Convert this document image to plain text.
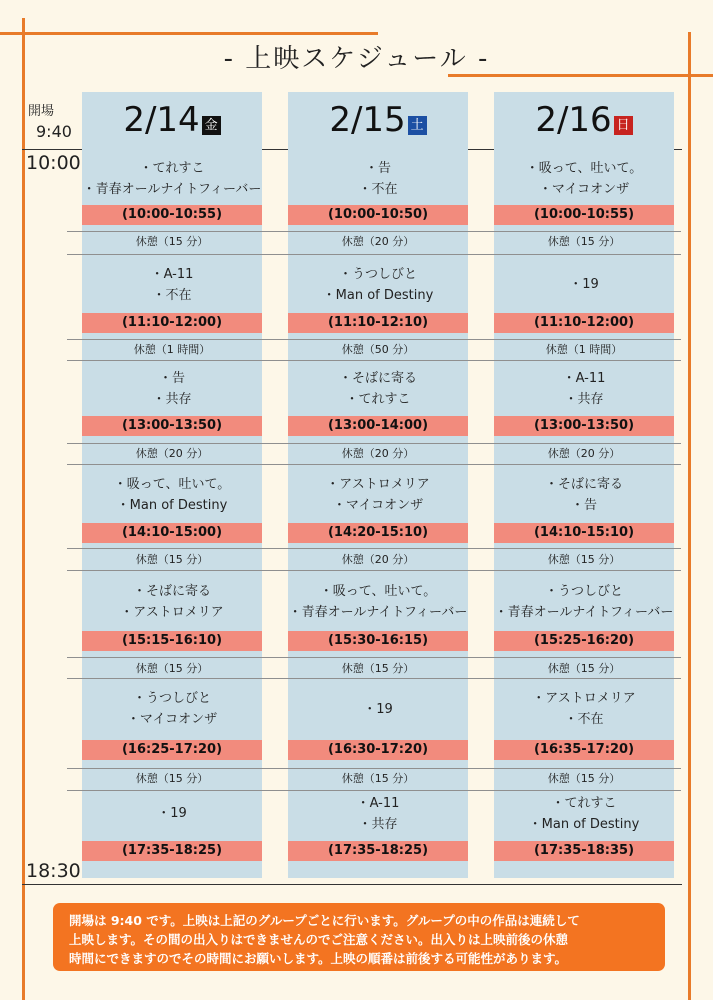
- 上映スケジュール -
開場
9:40
10:00
18:30
2/14 金
・てれすこ
・青春オールナイトフィーバー
(10:00-10:55)
・A-11
・不在
(11:10-12:00)
・告
・共存
(13:00-13:50)
・吸って、吐いて。
・Man of Destiny
(14:10-15:00)
・そばに寄る
・アストロメリア
(15:15-16:10)
・うつしびと
・マイコオンザ
(16:25-17:20)
・19
(17:35-18:25)
休憩（15 分）
休憩（1 時間）
休憩（20 分）
休憩（15 分）
休憩（15 分）
休憩（15 分）
2/15 土
・告
・不在
(10:00-10:50)
・うつしびと
・Man of Destiny
(11:10-12:10)
・そばに寄る
・てれすこ
(13:00-14:00)
・アストロメリア
・マイコオンザ
(14:20-15:10)
・吸って、吐いて。
・青春オールナイトフィーバー
(15:30-16:15)
・19
(16:30-17:20)
・A-11
・共存
(17:35-18:25)
休憩（20 分）
休憩（50 分）
休憩（20 分）
休憩（20 分）
休憩（15 分）
休憩（15 分）
2/16 日
・吸って、吐いて。
・マイコオンザ
(10:00-10:55)
・19
(11:10-12:00)
・A-11
・共存
(13:00-13:50)
・そばに寄る
・告
(14:10-15:10)
・うつしびと
・青春オールナイトフィーバー
(15:25-16:20)
・アストロメリア
・不在
(16:35-17:20)
・てれすこ
・Man of Destiny
(17:35-18:35)
休憩（15 分）
休憩（1 時間）
休憩（20 分）
休憩（15 分）
休憩（15 分）
休憩（15 分）
開場は 9:40 です。上映は上記のグループごとに行います。グループの中の作品は連続して
上映します。その間の出入りはできませんのでご注意ください。出入りは上映前後の休憩
時間にできますのでその時間にお願いします。上映の順番は前後する可能性があります。
